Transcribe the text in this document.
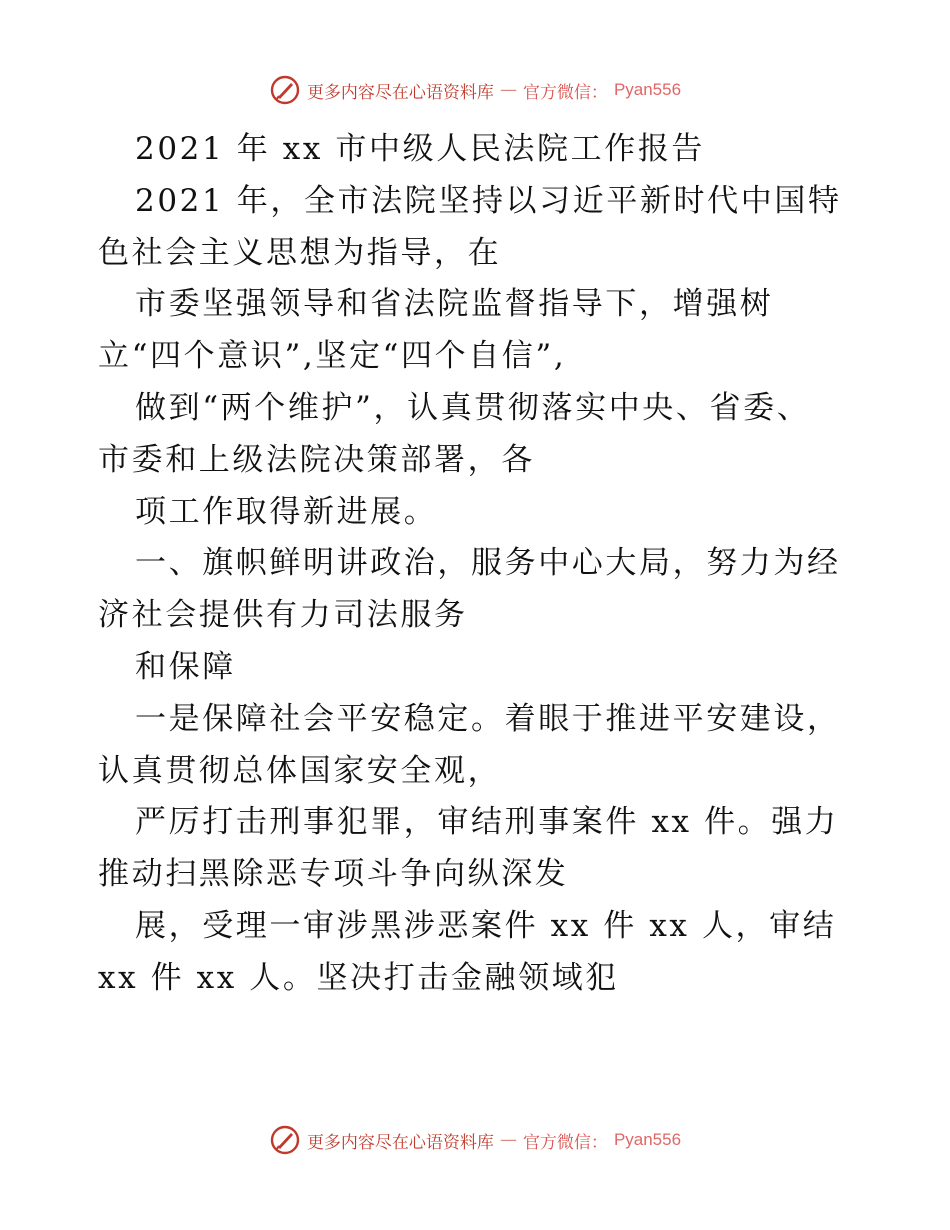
更多内容尽在心语资料库 — 官方微信： Pyan556
2021 年 xx 市中级人民法院工作报告
2021 年，全市法院坚持以习近平新时代中国特
色社会主义思想为指导，在
市委坚强领导和省法院监督指导下，增强树
立“四个意识”,坚定“四个自信”,
做到“两个维护”，认真贯彻落实中央、省委、
市委和上级法院决策部署，各
项工作取得新进展。
一、旗帜鲜明讲政治，服务中心大局，努力为经
济社会提供有力司法服务
和保障
一是保障社会平安稳定。着眼于推进平安建设，
认真贯彻总体国家安全观，
严厉打击刑事犯罪，审结刑事案件 xx 件。强力
推动扫黑除恶专项斗争向纵深发
展，受理一审涉黑涉恶案件 xx 件 xx 人，审结
xx 件 xx 人。坚决打击金融领域犯
更多内容尽在心语资料库 — 官方微信： Pyan556
